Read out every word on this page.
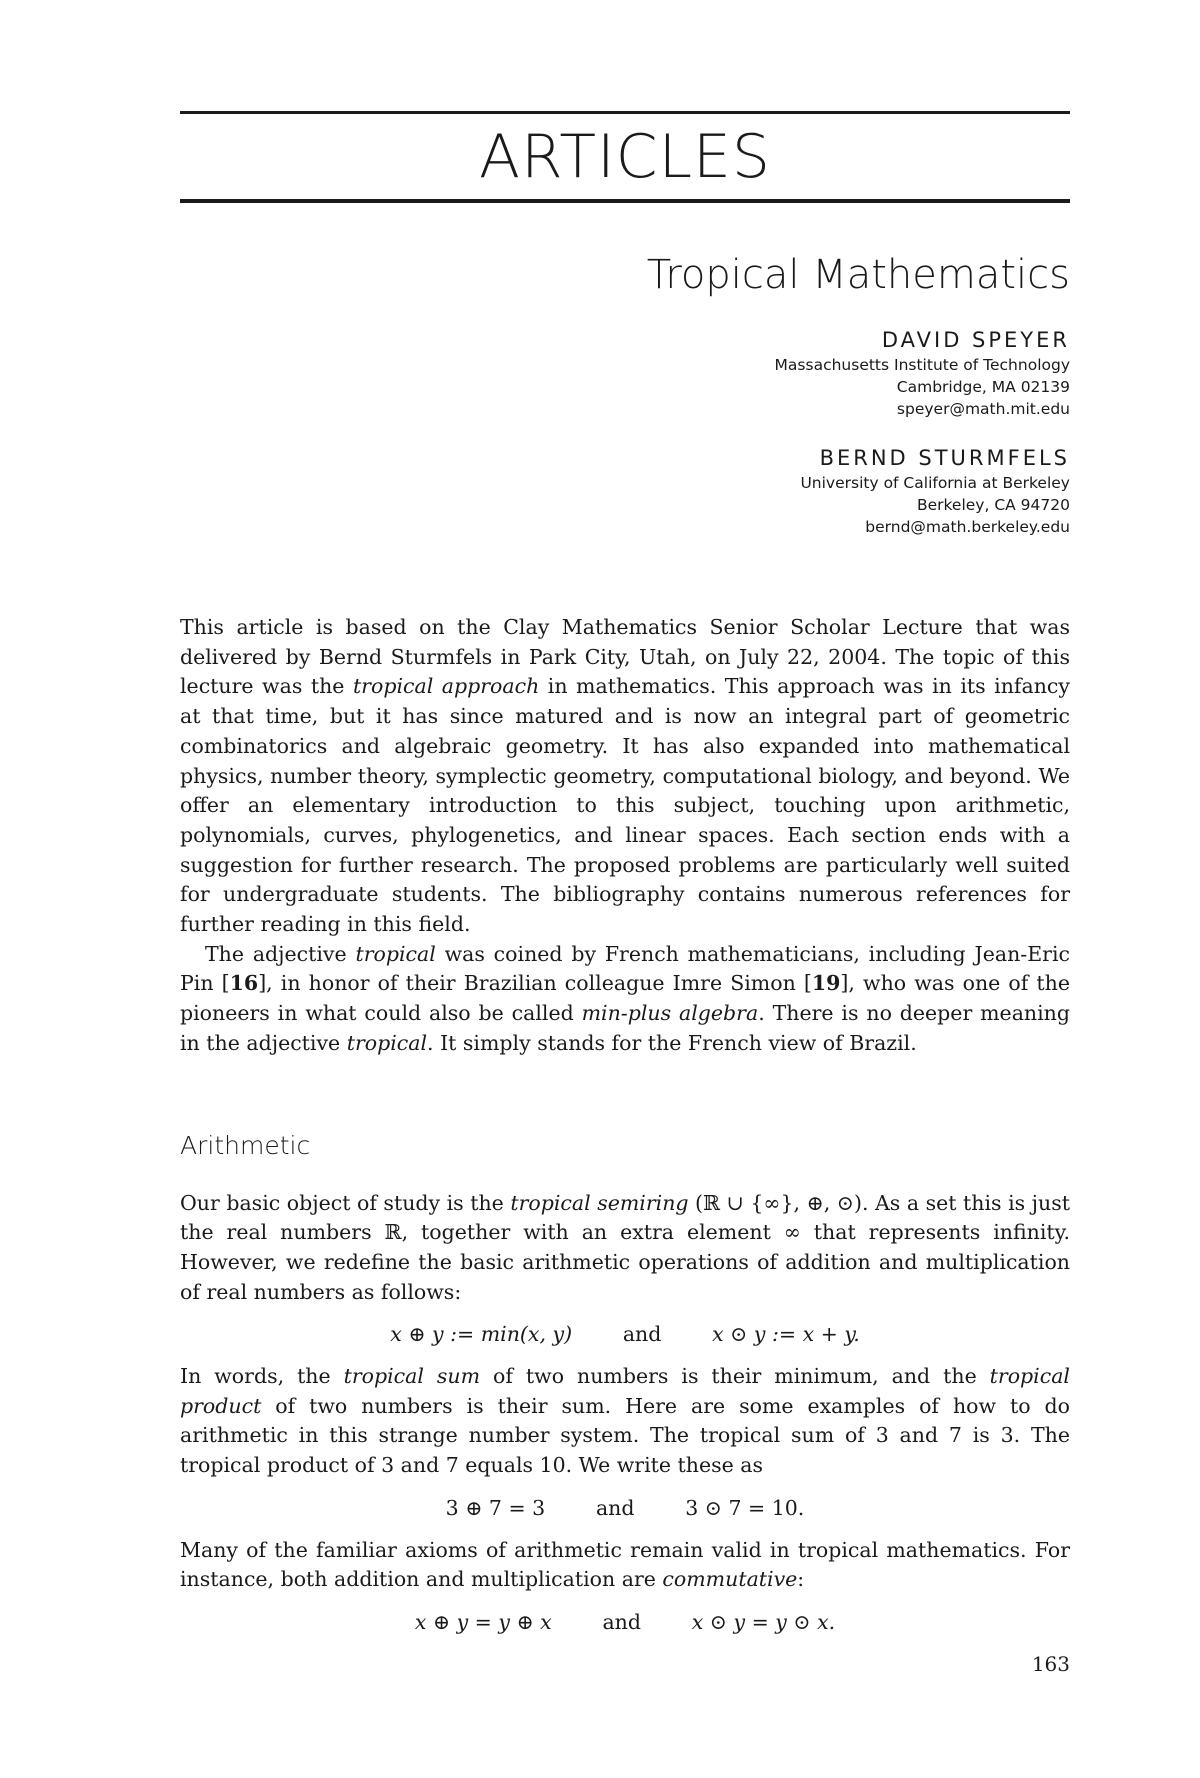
ARTICLES
Tropical Mathematics
DAVID SPEYER
Massachusetts Institute of Technology
Cambridge, MA 02139
speyer@math.mit.edu
BERND STURMFELS
University of California at Berkeley
Berkeley, CA 94720
bernd@math.berkeley.edu

This article is based on the Clay Mathematics Senior Scholar Lecture that was delivered by Bernd Sturmfels in Park City, Utah, on July 22, 2004. The topic of this lecture was the tropical approach in mathematics. This approach was in its infancy at that time, but it has since matured and is now an integral part of geometric combinatorics and algebraic geometry. It has also expanded into mathematical physics, number theory, symplectic geometry, computational biology, and beyond. We offer an elementary introduction to this subject, touching upon arithmetic, polynomials, curves, phylogenetics, and linear spaces. Each section ends with a suggestion for further research. The proposed problems are particularly well suited for undergraduate students. The bibliography contains numerous references for further reading in this field.

The adjective tropical was coined by French mathematicians, including Jean-Eric Pin [16], in honor of their Brazilian colleague Imre Simon [19], who was one of the pioneers in what could also be called min-plus algebra. There is no deeper meaning in the adjective tropical. It simply stands for the French view of Brazil.

Arithmetic

Our basic object of study is the tropical semiring (ℝ ∪ {∞}, ⊕, ⊙). As a set this is just the real numbers ℝ, together with an extra element ∞ that represents infinity. However, we redefine the basic arithmetic operations of addition and multiplication of real numbers as follows:

x ⊕ y := min(x, y) and x ⊙ y := x + y.

In words, the tropical sum of two numbers is their minimum, and the tropical product of two numbers is their sum. Here are some examples of how to do arithmetic in this strange number system. The tropical sum of 3 and 7 is 3. The tropical product of 3 and 7 equals 10. We write these as

3 ⊕ 7 = 3 and 3 ⊙ 7 = 10.

Many of the familiar axioms of arithmetic remain valid in tropical mathematics. For instance, both addition and multiplication are commutative:

x ⊕ y = y ⊕ x and x ⊙ y = y ⊙ x.
163
